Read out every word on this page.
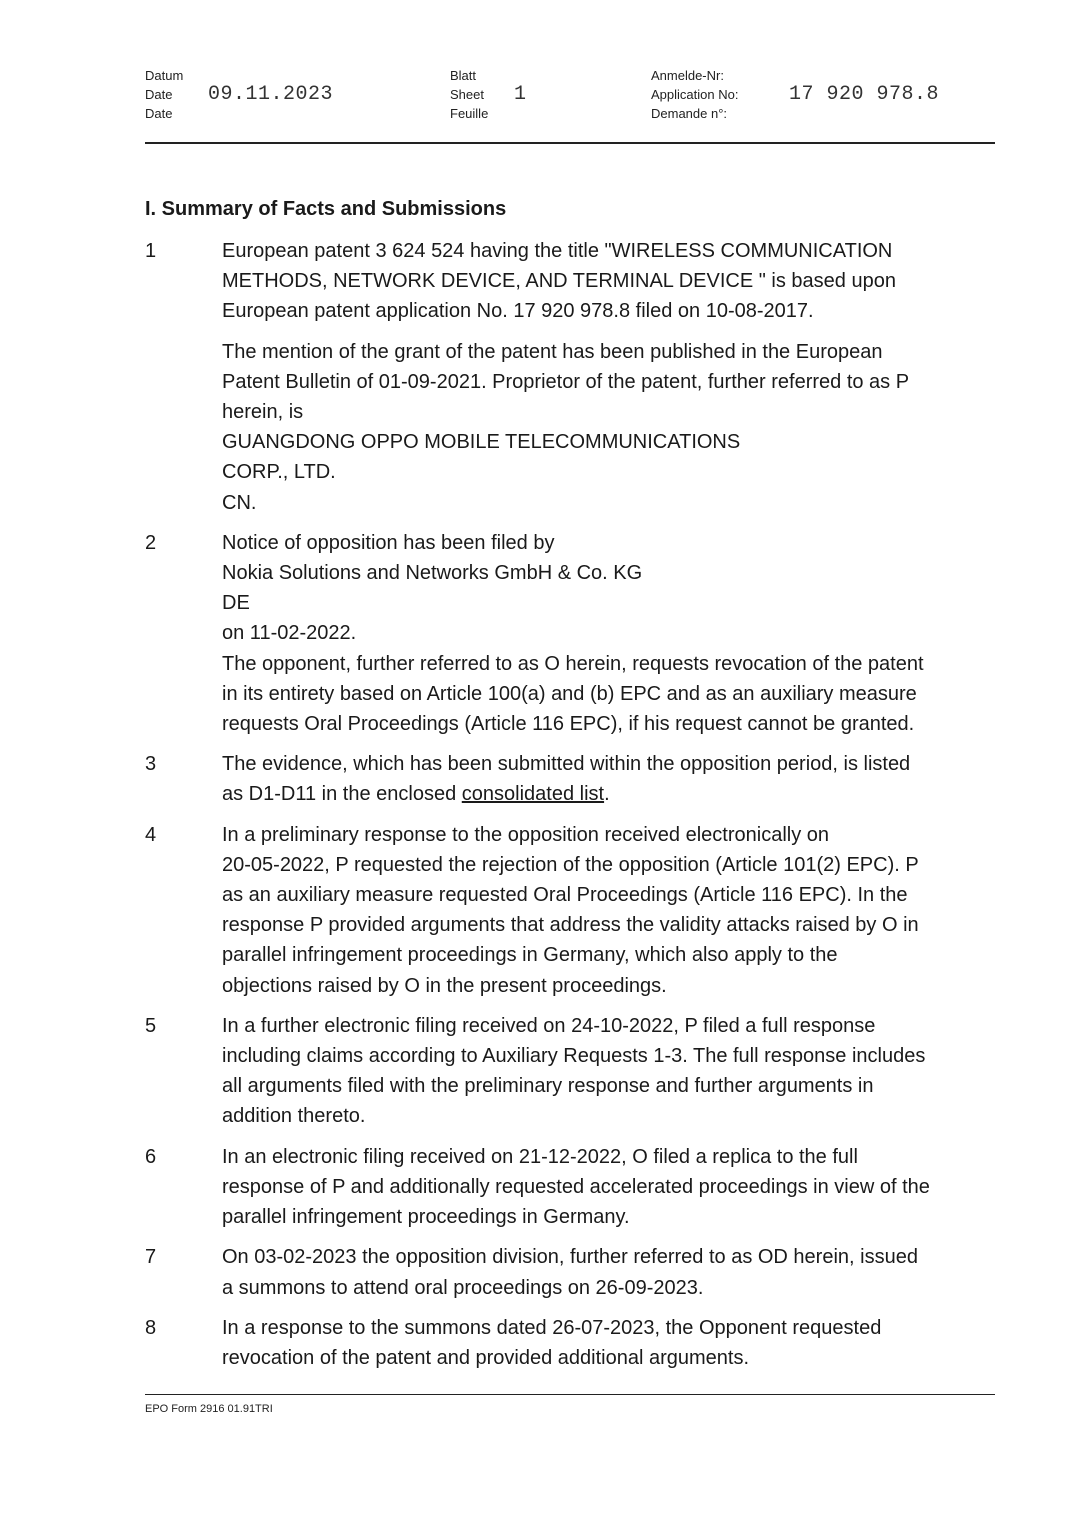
Datum
Date
Date
09.11.2023
Blatt
Sheet
Feuille
1
Anmelde-Nr:
Application No:
Demande n°:
17 920 978.8
I. Summary of Facts and Submissions
1	European patent 3 624 524 having the title "WIRELESS COMMUNICATION
METHODS, NETWORK DEVICE, AND TERMINAL DEVICE " is based upon
European patent application No. 17 920 978.8 filed on 10-08-2017.

The mention of the grant of the patent has been published in the European
Patent Bulletin of 01-09-2021. Proprietor of the patent, further referred to as P
herein, is
GUANGDONG OPPO MOBILE TELECOMMUNICATIONS
CORP., LTD.
CN.

2	Notice of opposition has been filed by
Nokia Solutions and Networks GmbH & Co. KG
DE
on 11-02-2022.
The opponent, further referred to as O herein, requests revocation of the patent
in its entirety based on Article 100(a) and (b) EPC and as an auxiliary measure
requests Oral Proceedings (Article 116 EPC), if his request cannot be granted.

3	The evidence, which has been submitted within the opposition period, is listed
as D1-D11 in the enclosed consolidated list.

4	In a preliminary response to the opposition received electronically on
20-05-2022, P requested the rejection of the opposition (Article 101(2) EPC). P
as an auxiliary measure requested Oral Proceedings (Article 116 EPC). In the
response P provided arguments that address the validity attacks raised by O in
parallel infringement proceedings in Germany, which also apply to the
objections raised by O in the present proceedings.

5	In a further electronic filing received on 24-10-2022, P filed a full response
including claims according to Auxiliary Requests 1-3. The full response includes
all arguments filed with the preliminary response and further arguments in
addition thereto.

6	In an electronic filing received on 21-12-2022, O filed a replica to the full
response of P and additionally requested accelerated proceedings in view of the
parallel infringement proceedings in Germany.

7	On 03-02-2023 the opposition division, further referred to as OD herein, issued
a summons to attend oral proceedings on 26-09-2023.

8	In a response to the summons dated 26-07-2023, the Opponent requested
revocation of the patent and provided additional arguments.

EPO Form 2916 01.91TRI
